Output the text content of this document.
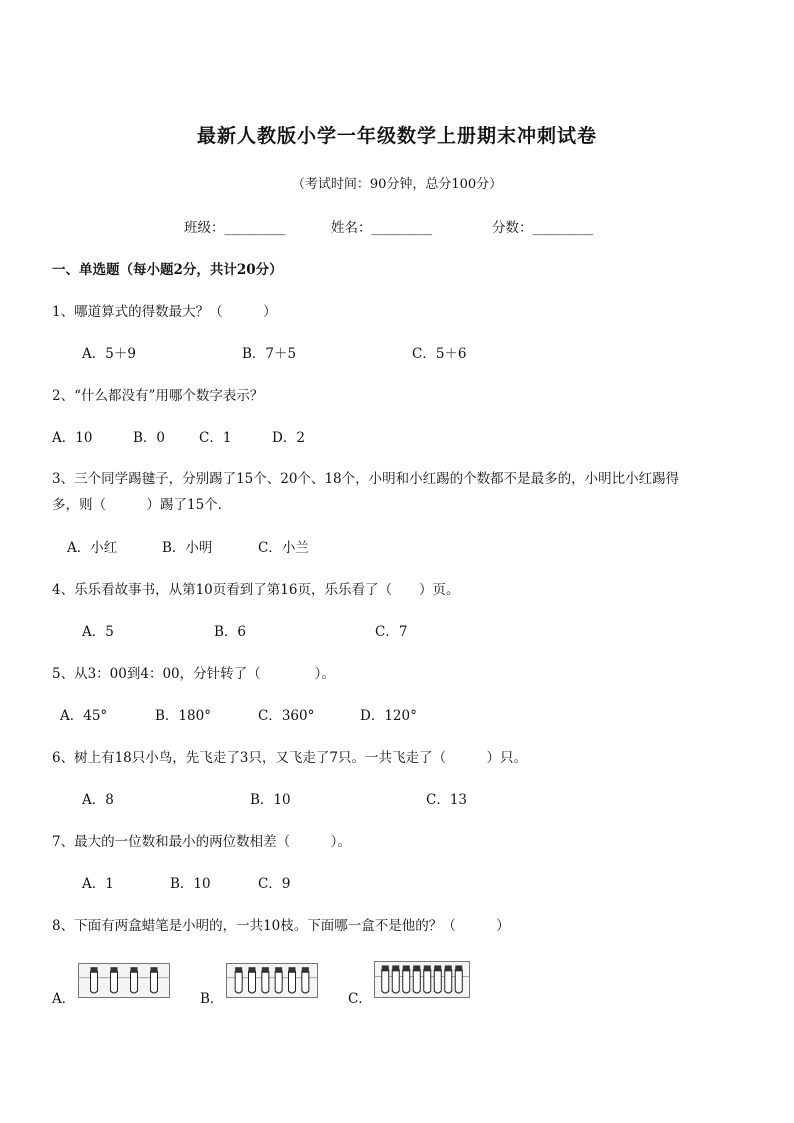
最新人教版小学一年级数学上册期末冲刺试卷
（考试时间：90分钟，总分100分）
班级：_________	姓名：_________	分数：_________
一、单选题（每小题2分，共计20分）
1、哪道算式的得数最大？（　　　）
A．5＋9	B．7＋5	C．5＋6
2、“什么都没有”用哪个数字表示？
A．10	B．0	C．1	D．2
3、三个同学踢毽子，分别踢了15个、20个、18个，小明和小红踢的个数都不是最多的，小明比小红踢得
多，则（　　　）踢了15个．
A．小红	B．小明	C．小兰
4、乐乐看故事书，从第10页看到了第16页，乐乐看了（　　）页。
A．5	B．6	C．7
5、从3：00到4：00，分针转了（　　　　）。
A．45°	B．180°	C．360°	D．120°
6、树上有18只小鸟，先飞走了3只，又飞走了7只。一共飞走了（　　　）只。
A．8	B．10	C．13
7、最大的一位数和最小的两位数相差（　　　）。
A．1	B．10	C．9
8、下面有两盒蜡笔是小明的，一共10枝。下面哪一盒不是他的？（　　　）
A．	B．	C．
